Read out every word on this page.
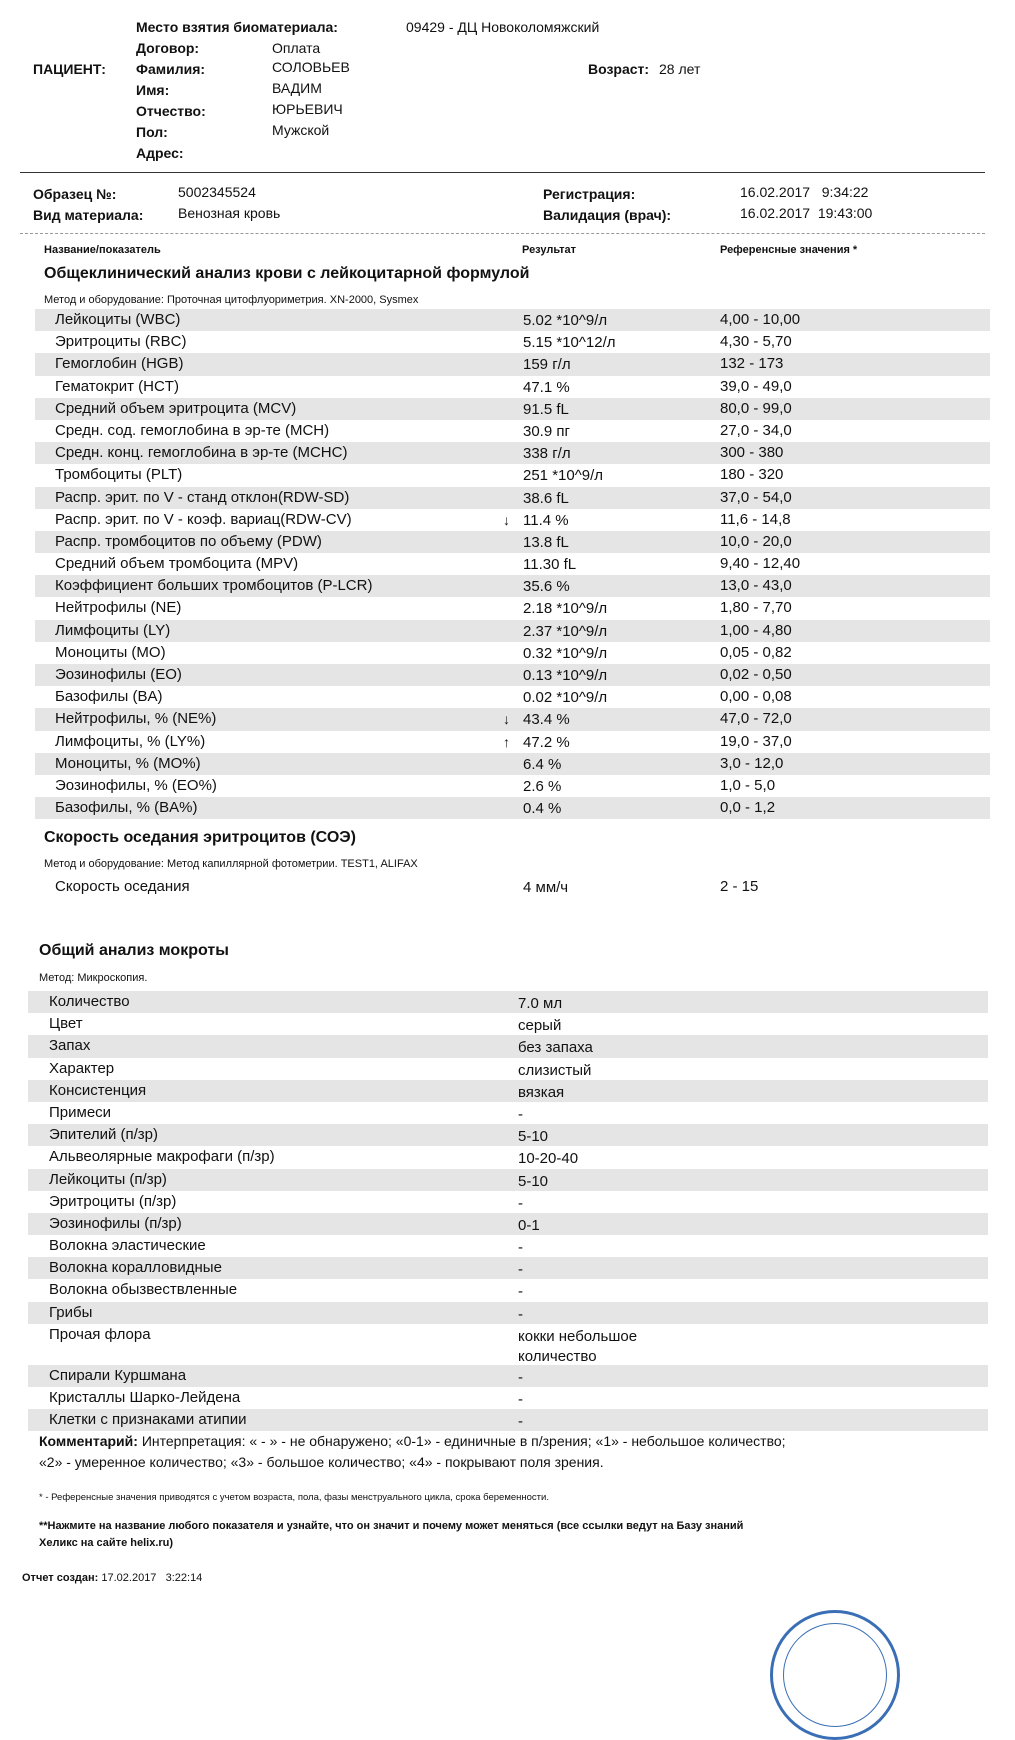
Место взятия биоматериала:	09429 - ДЦ Новоколомяжский
Договор:	Оплата
ПАЦИЕНТ: Фамилия:	СОЛОВЬЕВ	Возраст: 28 лет
Имя:	ВАДИМ
Отчество:	ЮРЬЕВИЧ
Пол:	Мужской
Адрес:
Образец №:	5002345524	Регистрация:	16.02.2017   9:34:22
Вид материала: Венозная кровь	Валидация (врач):	16.02.2017  19:43:00
Название/показатель	Результат	Референсные значения *
Общеклинический анализ крови с лейкоцитарной формулой
Метод и оборудование: Проточная цитофлуориметрия. XN-2000, Sysmex
Лейкоциты (WBC)	5.02 *10^9/л	4,00 - 10,00
Эритроциты (RBC)	5.15 *10^12/л	4,30 - 5,70
Гемоглобин (HGB)	159 г/л	132 - 173
Гематокрит (HCT)	47.1 %	39,0 - 49,0
Средний объем эритроцита (MCV)	91.5 fL	80,0 - 99,0
Средн. сод. гемоглобина в эр-те (MCH)	30.9 пг	27,0 - 34,0
Средн. конц. гемоглобина в эр-те (MCHC)	338 г/л	300 - 380
Тромбоциты (PLT)	251 *10^9/л	180 - 320
Распр. эрит. по V - станд отклон(RDW-SD)	38.6 fL	37,0 - 54,0
Распр. эрит. по V - коэф. вариац(RDW-CV)	↓ 11.4 %	11,6 - 14,8
Распр. тромбоцитов по объему (PDW)	13.8 fL	10,0 - 20,0
Средний объем тромбоцита (MPV)	11.30 fL	9,40 - 12,40
Коэффициент больших тромбоцитов (P-LCR)	35.6 %	13,0 - 43,0
Нейтрофилы (NE)	2.18 *10^9/л	1,80 - 7,70
Лимфоциты (LY)	2.37 *10^9/л	1,00 - 4,80
Моноциты (MO)	0.32 *10^9/л	0,05 - 0,82
Эозинофилы (EO)	0.13 *10^9/л	0,02 - 0,50
Базофилы (BA)	0.02 *10^9/л	0,00 - 0,08
Нейтрофилы, % (NE%)	↓ 43.4 %	47,0 - 72,0
Лимфоциты, % (LY%)	↑ 47.2 %	19,0 - 37,0
Моноциты, % (MO%)	6.4 %	3,0 - 12,0
Эозинофилы, % (EO%)	2.6 %	1,0 - 5,0
Базофилы, % (BA%)	0.4 %	0,0 - 1,2
Скорость оседания эритроцитов (СОЭ)
Метод и оборудование: Метод капиллярной фотометрии. TEST1, ALIFAX
Скорость оседания	4 мм/ч	2 - 15
Общий анализ мокроты
Метод: Микроскопия.
Количество	7.0 мл
Цвет	серый
Запах	без запаха
Характер	слизистый
Консистенция	вязкая
Примеси	-
Эпителий (п/зр)	5-10
Альвеолярные макрофаги (п/зр)	10-20-40
Лейкоциты (п/зр)	5-10
Эритроциты (п/зр)	-
Эозинофилы (п/зр)	0-1
Волокна эластические	-
Волокна коралловидные	-
Волокна обызвествленные	-
Грибы	-
Прочая флора	кокки небольшое количество
Спирали Куршмана	-
Кристаллы Шарко-Лейдена	-
Клетки с признаками атипии	-
Комментарий: Интерпретация: « - » - не обнаружено; «0-1» - единичные в п/зрения; «1» - небольшое количество;
«2» - умеренное количество; «3» - большое количество; «4» - покрывают поля зрения.
* - Референсные значения приводятся с учетом возраста, пола, фазы менструального цикла, срока беременности.
**Нажмите на название любого показателя и узнайте, что он значит и почему может меняться (все ссылки ведут на Базу знаний
Хеликс на сайте helix.ru)
Отчет создан: 17.02.2017   3:22:14
